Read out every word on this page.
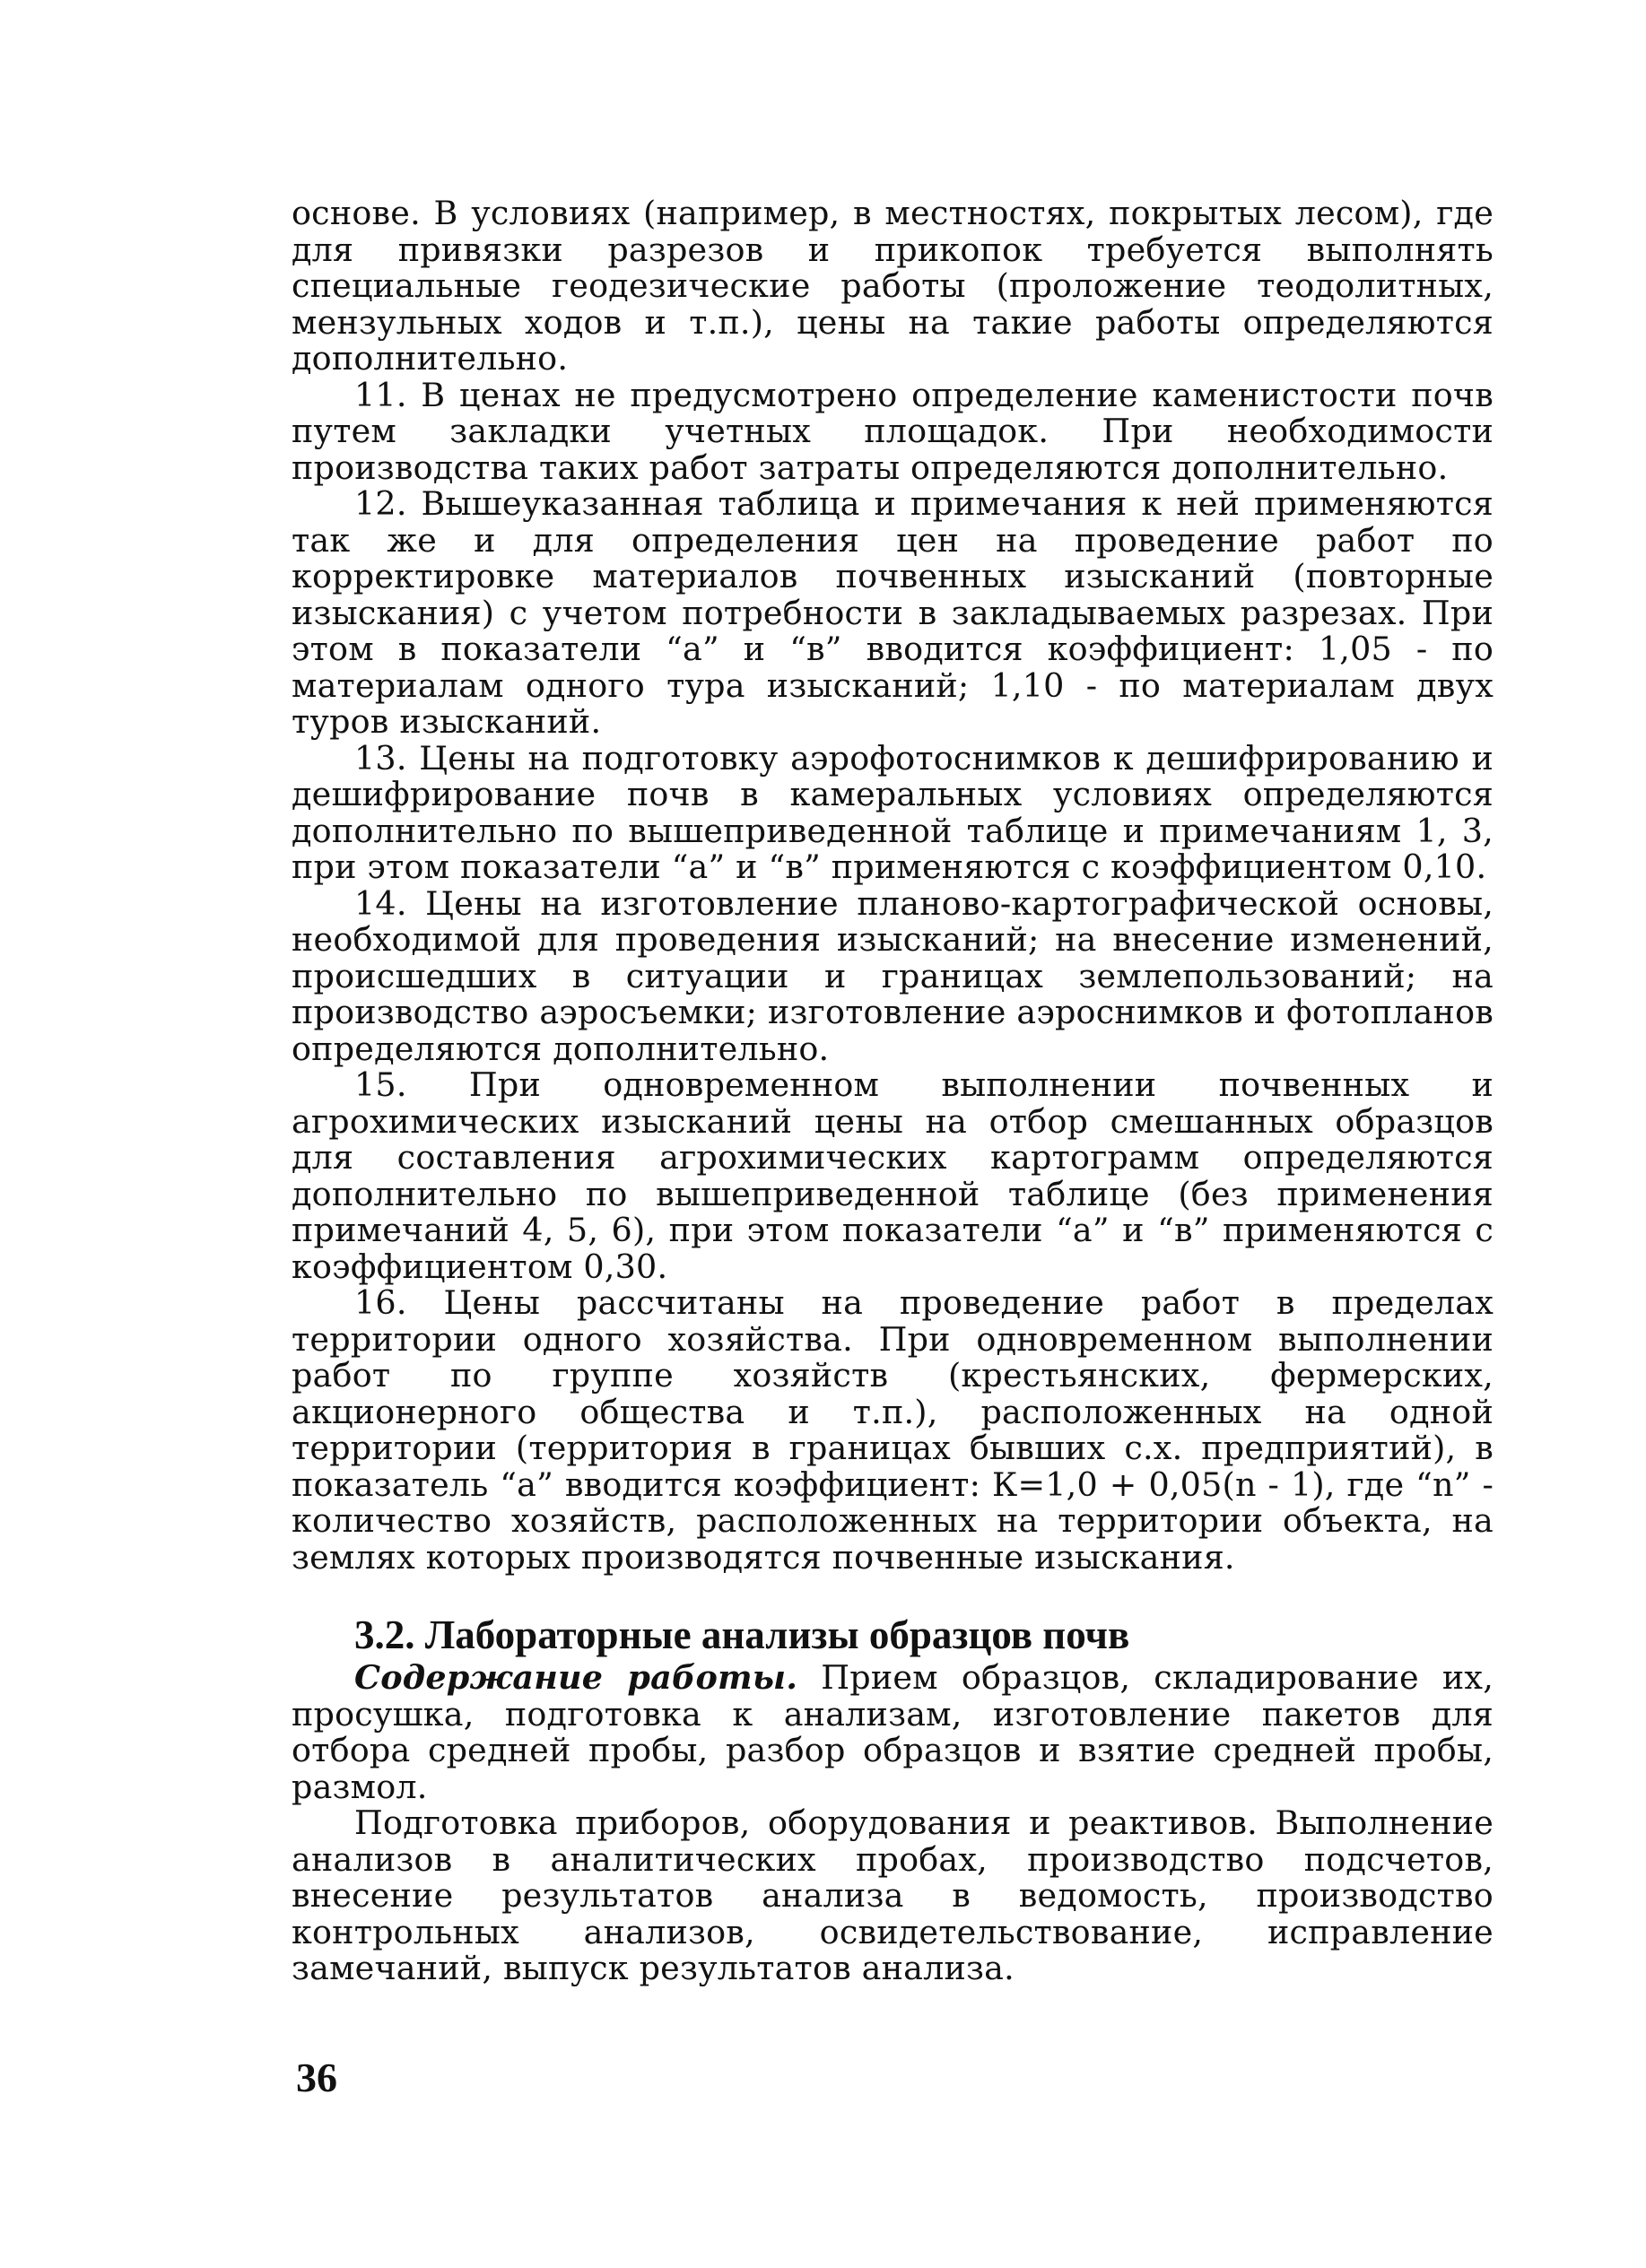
основе. В условиях (например, в местностях, покрытых лесом), где для привязки разрезов и прикопок требуется выполнять специальные геодезические работы (проложение теодолитных, мензульных ходов и т.п.), цены на такие работы определяются дополнительно.

11. В ценах не предусмотрено определение каменистости почв путем закладки учетных площадок. При необходимости производства таких работ затраты определяются дополнительно.

12. Вышеуказанная таблица и примечания к ней применяются так же и для определения цен на проведение работ по корректировке материалов почвенных изысканий (повторные изыскания) с учетом потребности в закладываемых разрезах. При этом в показатели “а” и “в” вводится коэффициент: 1,05 - по материалам одного тура изысканий; 1,10 - по материалам двух туров изысканий.

13. Цены на подготовку аэрофотоснимков к дешифрированию и дешифрирование почв в камеральных условиях определяются дополнительно по вышеприведенной таблице и примечаниям 1, 3, при этом показатели “а” и “в” применяются с коэффициентом 0,10.

14. Цены на изготовление планово-картографической основы, необходимой для проведения изысканий; на внесение изменений, происшедших в ситуации и границах землепользований; на производство аэросъемки; изготовление аэроснимков и фотопланов определяются дополнительно.

15. При одновременном выполнении почвенных и агрохимических изысканий цены на отбор смешанных образцов для составления агрохимических картограмм определяются дополнительно по вышеприведенной таблице (без применения примечаний 4, 5, 6), при этом показатели “а” и “в” применяются с коэффициентом 0,30.

16. Цены рассчитаны на проведение работ в пределах территории одного хозяйства. При одновременном выполнении работ по группе хозяйств (крестьянских, фермерских, акционерного общества и т.п.), расположенных на одной территории (территория в границах бывших с.х. предприятий), в показатель “а” вводится коэффициент: К=1,0 + 0,05(n - 1), где “n” - количество хозяйств, расположенных на территории объекта, на землях которых производятся почвенные изыскания.

3.2. Лабораторные анализы образцов почв

Содержание работы. Прием образцов, складирование их, просушка, подготовка к анализам, изготовление пакетов для отбора средней пробы, разбор образцов и взятие средней пробы, размол.

Подготовка приборов, оборудования и реактивов. Выполнение анализов в аналитических пробах, производство подсчетов, внесение результатов анализа в ведомость, производство контрольных анализов, освидетельствование, исправление замечаний, выпуск результатов анализа.

36
